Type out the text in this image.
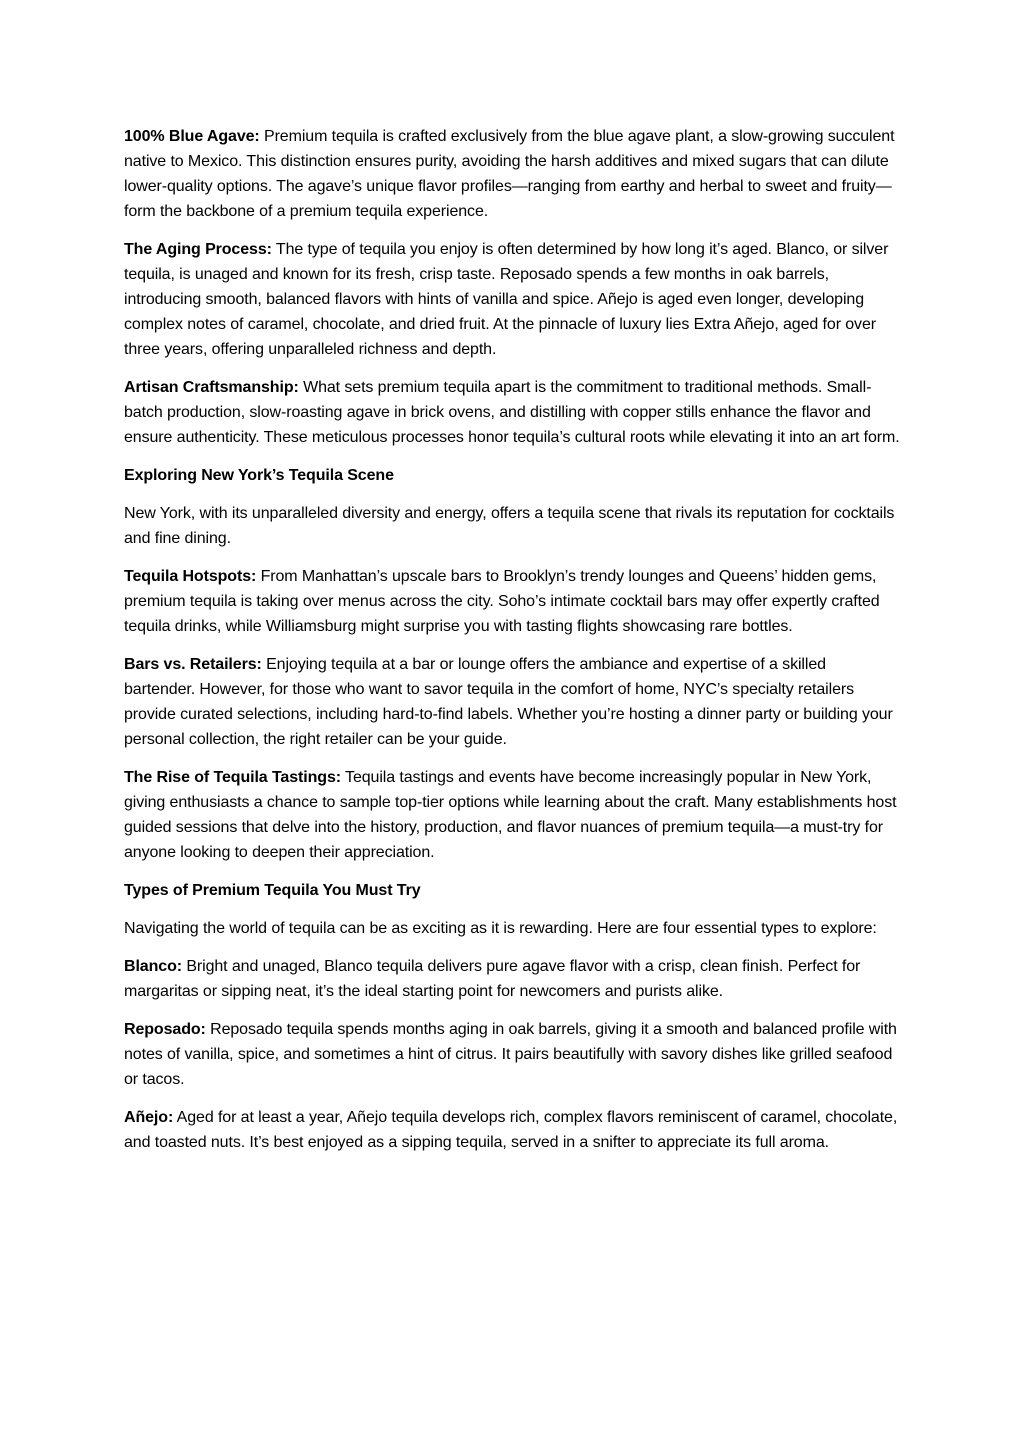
100% Blue Agave: Premium tequila is crafted exclusively from the blue agave plant, a slow-growing succulent native to Mexico. This distinction ensures purity, avoiding the harsh additives and mixed sugars that can dilute lower-quality options. The agave’s unique flavor profiles—ranging from earthy and herbal to sweet and fruity—form the backbone of a premium tequila experience.

The Aging Process: The type of tequila you enjoy is often determined by how long it’s aged. Blanco, or silver tequila, is unaged and known for its fresh, crisp taste. Reposado spends a few months in oak barrels, introducing smooth, balanced flavors with hints of vanilla and spice. Añejo is aged even longer, developing complex notes of caramel, chocolate, and dried fruit. At the pinnacle of luxury lies Extra Añejo, aged for over three years, offering unparalleled richness and depth.

Artisan Craftsmanship: What sets premium tequila apart is the commitment to traditional methods. Small-batch production, slow-roasting agave in brick ovens, and distilling with copper stills enhance the flavor and ensure authenticity. These meticulous processes honor tequila’s cultural roots while elevating it into an art form.

Exploring New York’s Tequila Scene

New York, with its unparalleled diversity and energy, offers a tequila scene that rivals its reputation for cocktails and fine dining.

Tequila Hotspots: From Manhattan’s upscale bars to Brooklyn’s trendy lounges and Queens’ hidden gems, premium tequila is taking over menus across the city. Soho’s intimate cocktail bars may offer expertly crafted tequila drinks, while Williamsburg might surprise you with tasting flights showcasing rare bottles.

Bars vs. Retailers: Enjoying tequila at a bar or lounge offers the ambiance and expertise of a skilled bartender. However, for those who want to savor tequila in the comfort of home, NYC’s specialty retailers provide curated selections, including hard-to-find labels. Whether you’re hosting a dinner party or building your personal collection, the right retailer can be your guide.

The Rise of Tequila Tastings: Tequila tastings and events have become increasingly popular in New York, giving enthusiasts a chance to sample top-tier options while learning about the craft. Many establishments host guided sessions that delve into the history, production, and flavor nuances of premium tequila—a must-try for anyone looking to deepen their appreciation.

Types of Premium Tequila You Must Try

Navigating the world of tequila can be as exciting as it is rewarding. Here are four essential types to explore:

Blanco: Bright and unaged, Blanco tequila delivers pure agave flavor with a crisp, clean finish. Perfect for margaritas or sipping neat, it’s the ideal starting point for newcomers and purists alike.

Reposado: Reposado tequila spends months aging in oak barrels, giving it a smooth and balanced profile with notes of vanilla, spice, and sometimes a hint of citrus. It pairs beautifully with savory dishes like grilled seafood or tacos.

Añejo: Aged for at least a year, Añejo tequila develops rich, complex flavors reminiscent of caramel, chocolate, and toasted nuts. It’s best enjoyed as a sipping tequila, served in a snifter to appreciate its full aroma.
